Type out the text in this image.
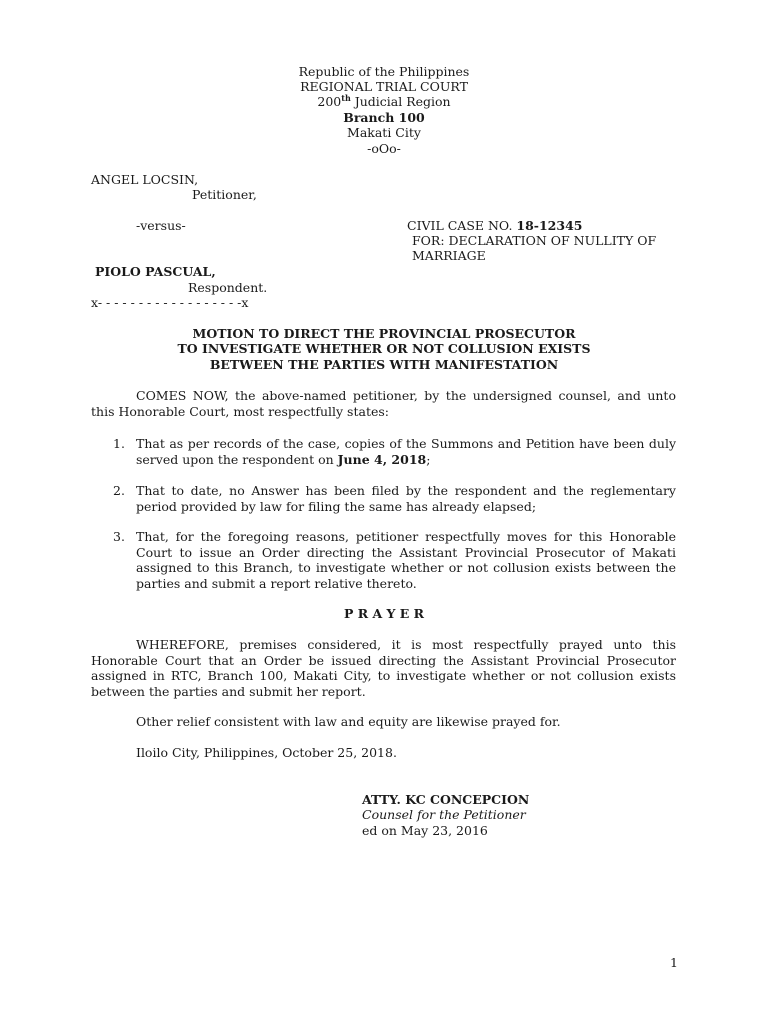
Republic of the Philippines
REGIONAL TRIAL COURT
200th Judicial Region
Branch 100
Makati City
-oOo-
ANGEL LOCSIN,
Petitioner,
-versus-	CIVIL CASE NO. 18-12345
FOR: DECLARATION OF NULLITY OF
MARRIAGE
PIOLO PASCUAL,
Respondent.
x- - - - - - - - - - - - - - - - - -x
MOTION TO DIRECT THE PROVINCIAL PROSECUTOR
TO INVESTIGATE WHETHER OR NOT COLLUSION EXISTS
BETWEEN THE PARTIES WITH MANIFESTATION
COMES NOW, the above-named petitioner, by the undersigned counsel, and unto this Honorable Court, most respectfully states:
1. That as per records of the case, copies of the Summons and Petition have been duly served upon the respondent on June 4, 2018;
2. That to date, no Answer has been filed by the respondent and the reglementary period provided by law for filing the same has already elapsed;
3. That, for the foregoing reasons, petitioner respectfully moves for this Honorable Court to issue an Order directing the Assistant Provincial Prosecutor of Makati assigned to this Branch, to investigate whether or not collusion exists between the parties and submit a report relative thereto.
P R A Y E R
WHEREFORE, premises considered, it is most respectfully prayed unto this Honorable Court that an Order be issued directing the Assistant Provincial Prosecutor assigned in RTC, Branch 100, Makati City, to investigate whether or not collusion exists between the parties and submit her report.
Other relief consistent with law and equity are likewise prayed for.
Iloilo City, Philippines, October 25, 2018.
ATTY. KC CONCEPCION
Counsel for the Petitioner
ed on May 23, 2016
1
